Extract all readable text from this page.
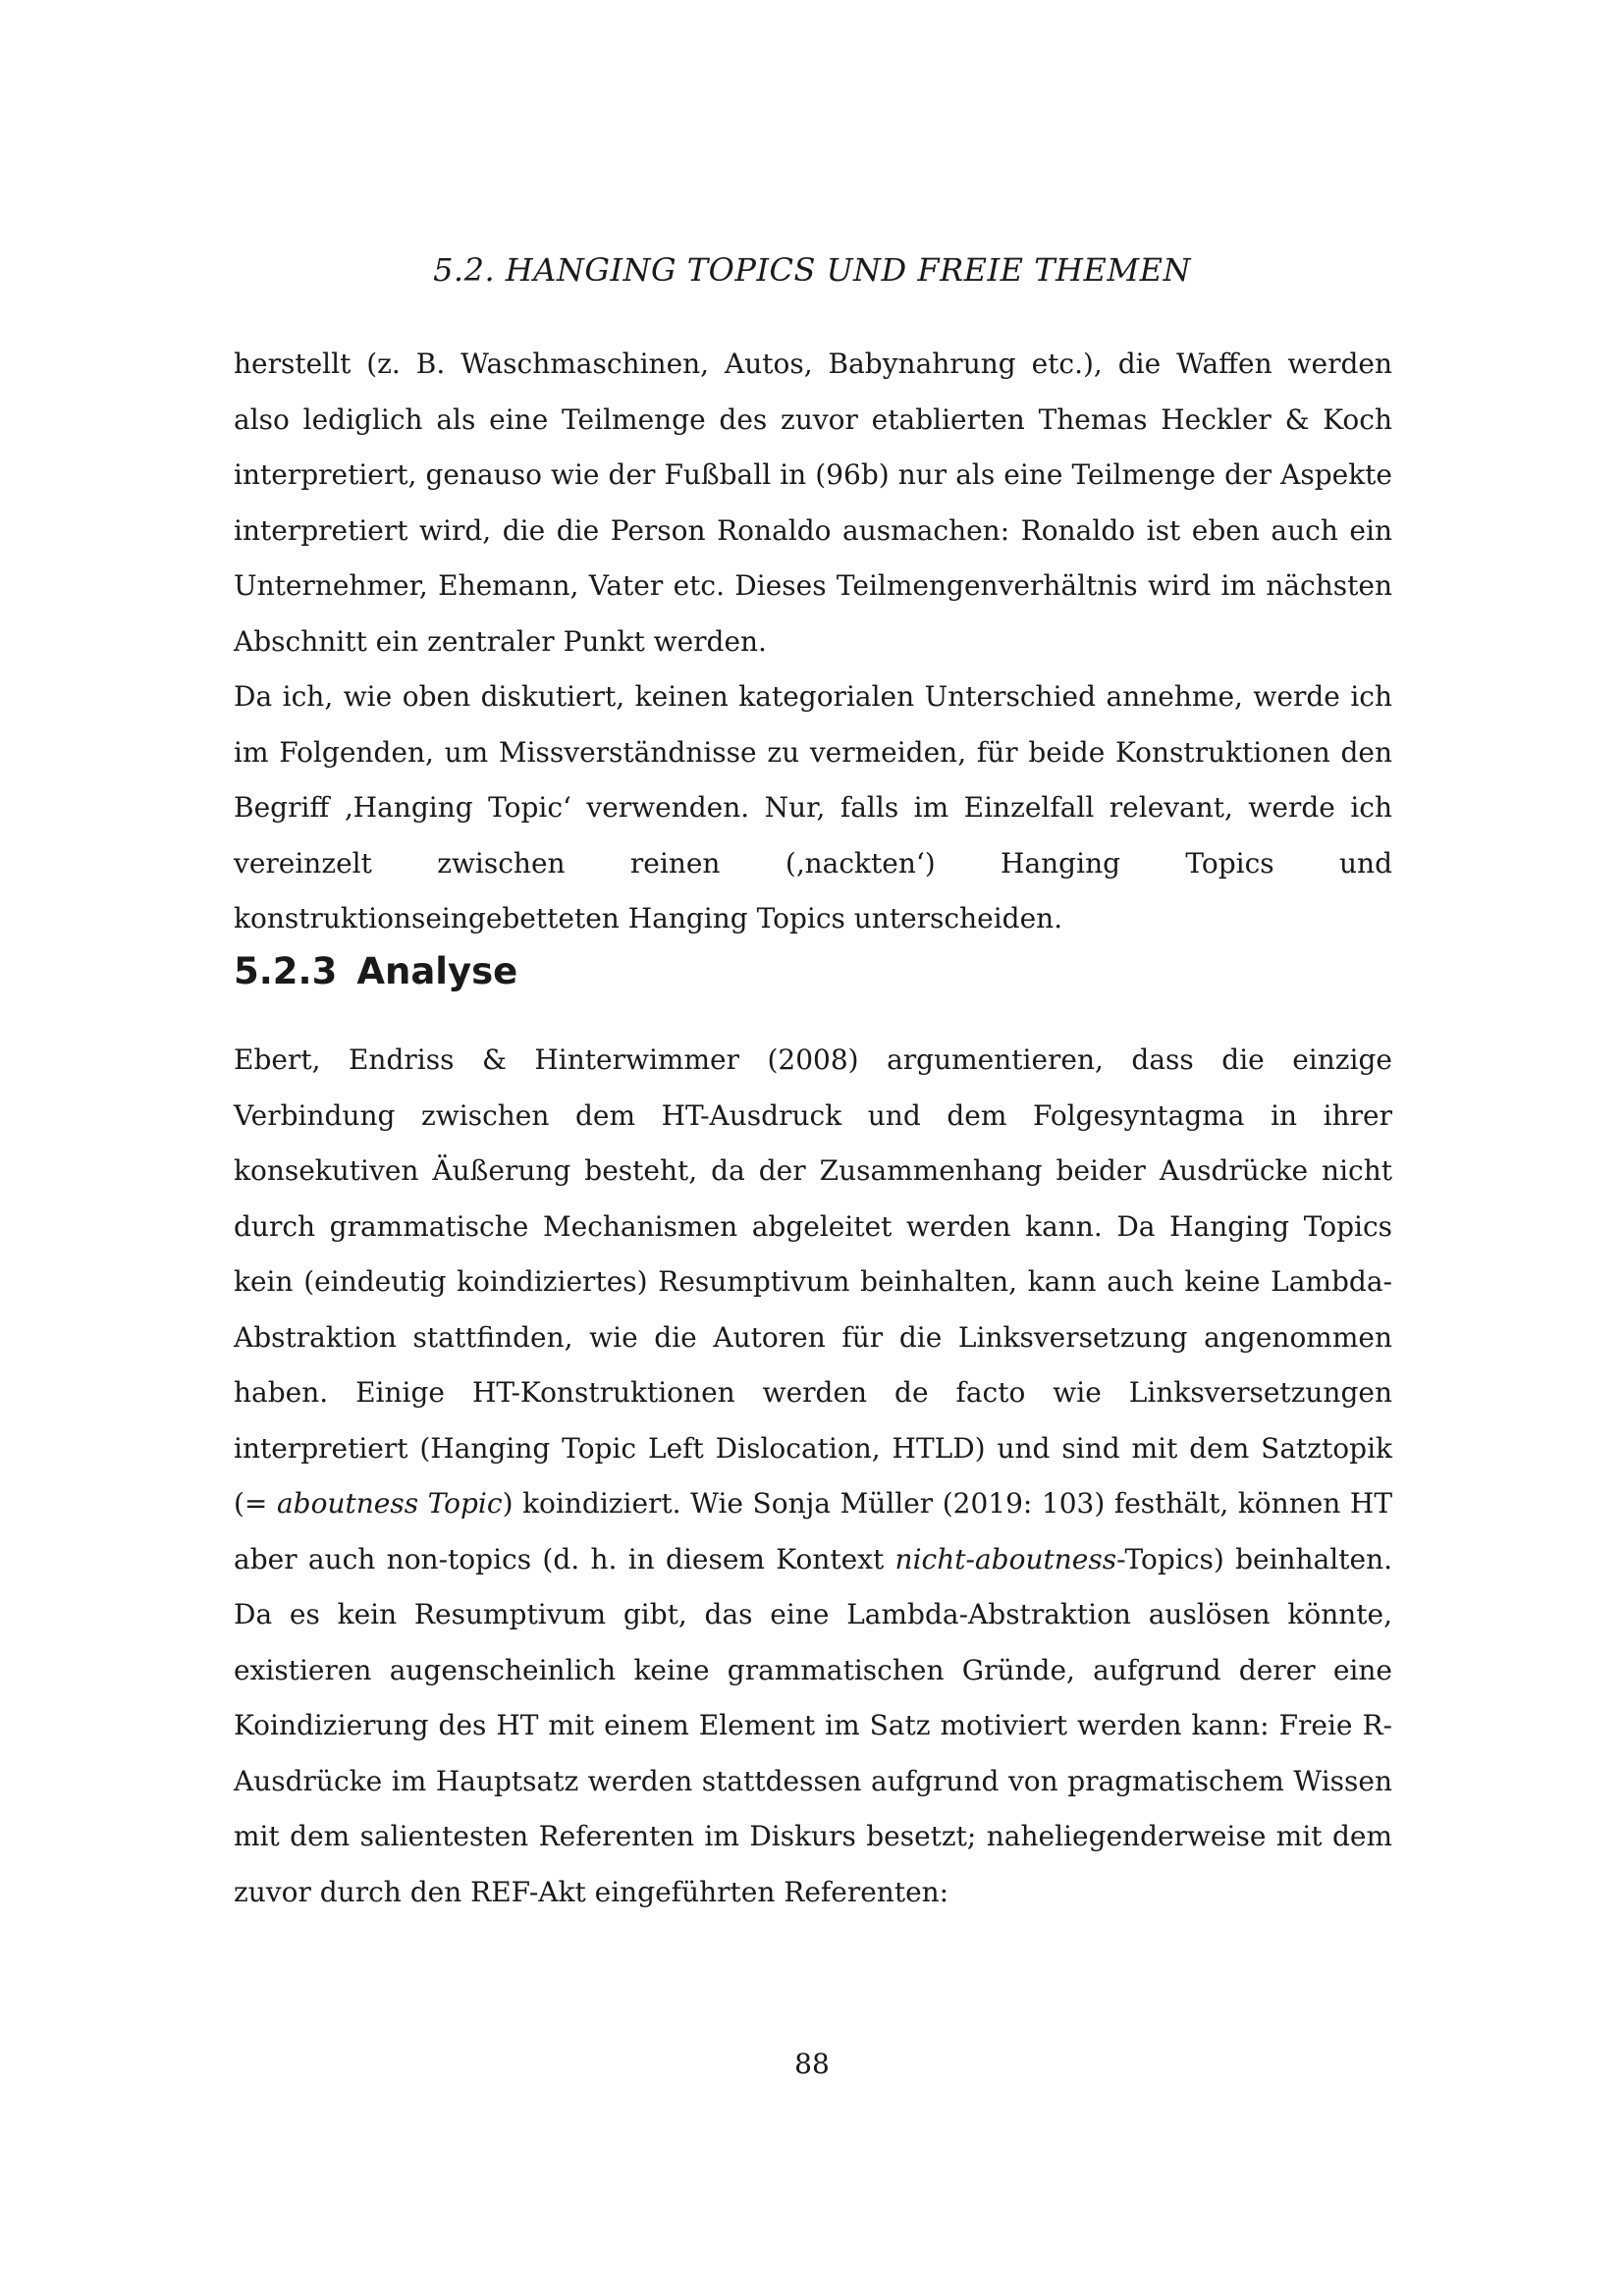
5.2. HANGING TOPICS UND FREIE THEMEN

herstellt (z. B. Waschmaschinen, Autos, Babynahrung etc.), die Waffen werden also lediglich als eine Teilmenge des zuvor etablierten Themas Heckler & Koch interpretiert, genauso wie der Fußball in (96b) nur als eine Teilmenge der Aspekte interpretiert wird, die die Person Ronaldo ausmachen: Ronaldo ist eben auch ein Unternehmer, Ehemann, Vater etc. Dieses Teilmengenverhältnis wird im nächsten Abschnitt ein zentraler Punkt werden.

Da ich, wie oben diskutiert, keinen kategorialen Unterschied annehme, werde ich im Folgenden, um Missverständnisse zu vermeiden, für beide Konstruktionen den Begriff ‚Hanging Topic‘ verwenden. Nur, falls im Einzelfall relevant, werde ich vereinzelt zwischen reinen (‚nackten‘) Hanging Topics und konstruktionseingebetteten Hanging Topics unterscheiden.

5.2.3 Analyse

Ebert, Endriss & Hinterwimmer (2008) argumentieren, dass die einzige Verbindung zwischen dem HT-Ausdruck und dem Folgesyntagma in ihrer konsekutiven Äußerung besteht, da der Zusammenhang beider Ausdrücke nicht durch grammatische Mechanismen abgeleitet werden kann. Da Hanging Topics kein (eindeutig koindiziertes) Resumptivum beinhalten, kann auch keine Lambda-Abstraktion stattfinden, wie die Autoren für die Linksversetzung angenommen haben. Einige HT-Konstruktionen werden de facto wie Linksversetzungen interpretiert (Hanging Topic Left Dislocation, HTLD) und sind mit dem Satztopik (= aboutness Topic) koindiziert. Wie Sonja Müller (2019: 103) festhält, können HT aber auch non-topics (d. h. in diesem Kontext nicht-aboutness-Topics) beinhalten. Da es kein Resumptivum gibt, das eine Lambda-Abstraktion auslösen könnte, existieren augenscheinlich keine grammatischen Gründe, aufgrund derer eine Koindizierung des HT mit einem Element im Satz motiviert werden kann: Freie R-Ausdrücke im Hauptsatz werden stattdessen aufgrund von pragmatischem Wissen mit dem salientesten Referenten im Diskurs besetzt; naheliegenderweise mit dem zuvor durch den REF-Akt eingeführten Referenten:

88
